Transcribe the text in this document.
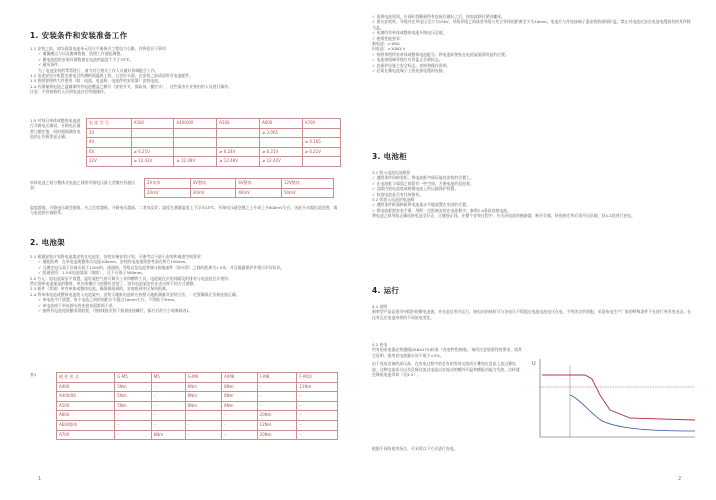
1. 安装条件和安装准备工作
1.1 安装之前，请先阅读电池单元设计手册指引工程电力引路，并将意识下事项：
✓ 谨慎搬运力以及搬离数值，依照工作速起调整。
✓ 蓄电池组的安装环境数值在电池的温度不大于35℃。
✓ 通风条件。
为了电池安装的帮帮进行，请为其它相关工作人员做好协调配合工作。
1.2 电池安设计机暂安迷电目所测格面温热工装，日克好头面，在安装之前请清所有电池配件。
1.3 按照要照供大件要用（如：电池、电池框、电池件的安装器）安装电池。
1.4 若测量到电池之温确保所有电池覆盖已断开（安装开关，保险丝，模拉头），这些需由专业要由的人员进行操作。
注意：不容按框的人员到电池台打所做操作。

1.5 对每只单体或整体电池进行开路电压测试，开路电压值要与额定值，同时根据测有电池的正负极要是正确。

电 池 型 号	A500	A400/00	A500	A600	A700
2V				≥ 2.065	
4V					≥ 4.165
6V	≥ 6.21V		≥ 6.24V	≥ 6.21V	≥ 6.21V
12V	≥ 12.42V	≥ 12.48V	≥ 12.48V	≥ 12.42V	

单体电池之间与整体式电池之间的开路电压最大差额应若超出表：

2V单体	4V整体	6V整体	12V整体
20mV	30mV	40mV	50mV

温度越低，开路电压就会越低，应之后度越低，开路电压越高，二者成反比；温度在测量温度上下浮动15℃，开路电压就会随之上升或上升800mV左右。因此开动超出此范围，请与电池供应商联系。

2. 电池架
2.1 根据安装计划将电池架安装在电池室，安装设备安装计划，可参考以下最小安装和通道空间要求：
✓ 墙距距离：在单电池或整体式电池100mm，安装的电池架需要考虑在两方150mm。
✓ 当测定电压高于设备压低于120V时，通通视，导线以及电池等端与接地部件（如水管）之间的距离为1.5米，并且能做保护并措示牢好标识。
✓ 组通留所：1.5米电池架前（排除），过不应低于500mm。
2.2 方元：阻电池架水平放置，温好架控气的可调节工具和槽将工具，电池架在层的同隔及的排有与电池直径计相符；
然后便单电池架是的整时。单位的模应与的整好安装了，再有电池架安作在由这样不同方式调整。
2.3 框件（其调）所有单体或整体电池，确保框面到的，安放框到中区保持距离。
2.4 将单体电池或整体电池装入电池架中，安装天地框电池时应按照天地框测量其安装方法。一定要确保正负极连接正确。
✓ 单电池平行放置，每个电池之间的间距应不超过10mm左右，不得低于5mm。
✓ 单电池或于单连接头的连接表面都须干净。
✓ 接两有电池尾接触非常般程，用接线接点拆干据到连接螺钉，拔应后的大小请参阅表1。

表1	模 柱 形 式	G-M5	M5	G-M6	A/M8	F-M8	F-M10
A400	5Nm	–	6Nm	8Nm	–	11Nm
A400/00	5Nm	–	6Nm	8Nm	–	–
A500	5Nm	–	6Nm	8Nm	–	–
A600	–	–	–	–	20Nm	–
A600整体	–	–	–	–	12Nm	–
A700	–	6Nm	–	–	20Nm	–
1
✓ 再将电池尾间，应同时拆解到所有连接后做好之后，按如此联好紧固螺丝。
✓ 建议安装时，导线并在导电压至少为15kV，导线导线之间或者导线与其它导体的距离至少为10mm，电池应与作连接端子蛋安装防接保护盖，禁止对电池近安在电池电缆放有的其件移为盖。
✓ 检测所有单体或整体电池开路电压总值。
✓ 绝缘性能要求：
新电池：>1MΩ
旧电池：>100Ω·V
✓ 按照草图所有单体或整体电池配号；将电池标签贴在电池架面看明显的位置。
✓ 电池接线端导线应有用盖正负极标志。
✓ 良保护设施主安全标志，表格和操作说明。
✓ 必需在蓄电池端子上的连接电缆的连接。
3. 电池柜
3.1 装入电池电池框柜
✓ 遵照条件同格安柜，将电池框中保证能良安装的位置上。
✓ 在电池框与墙面之间留有一些空间，方便电池的巡检查。
✓ 去除内装电池底或格整电池上的运输保护装置。
✓ 检查电池是否有任何损伤。
3.2 拆装入电池的电池框
✓ 遵照条件框器格框将电池架水平地放置在牢固的位置。
✓ 将电池框照安装手册，用附一定距离安装在电池框中，参照2.4条款连接电池。
将电池之间导线正确连接电池至好正，正继接正线，在整个安装过程中，应关闭电池的断路器，断开负载，转连接完毕后再开启负载，回4.2款进行充电。
4. 运行
4.1 说明
新率型产品是现市中精铅铅酸电池值，并在此后用内运行，接电站的按时可与各电压不得超过电池电池电压在电，不所固定的装配，采是按电生产厂家的特殊条件不在进行更改变况态。在这有运定电池寿命的不同放电变化。
4.2 充电
所有的充电器必须遵循(DIN4175)标准（充电特性曲线)，请经注意规准性的要求，请其它说明，使用充电器量应该不低于±3%。
由于充电设备的高压高，在充电过程中的必有的等该交流成分叠加在直流上流过蓄电池，这种交流成分以及负载这流过电池以存流动的额外开温和额振动能为发热，这样就会降低电池寿命（见4.5）。
根据不同的使用场合，可采用以下方式进行充电。
U
2
